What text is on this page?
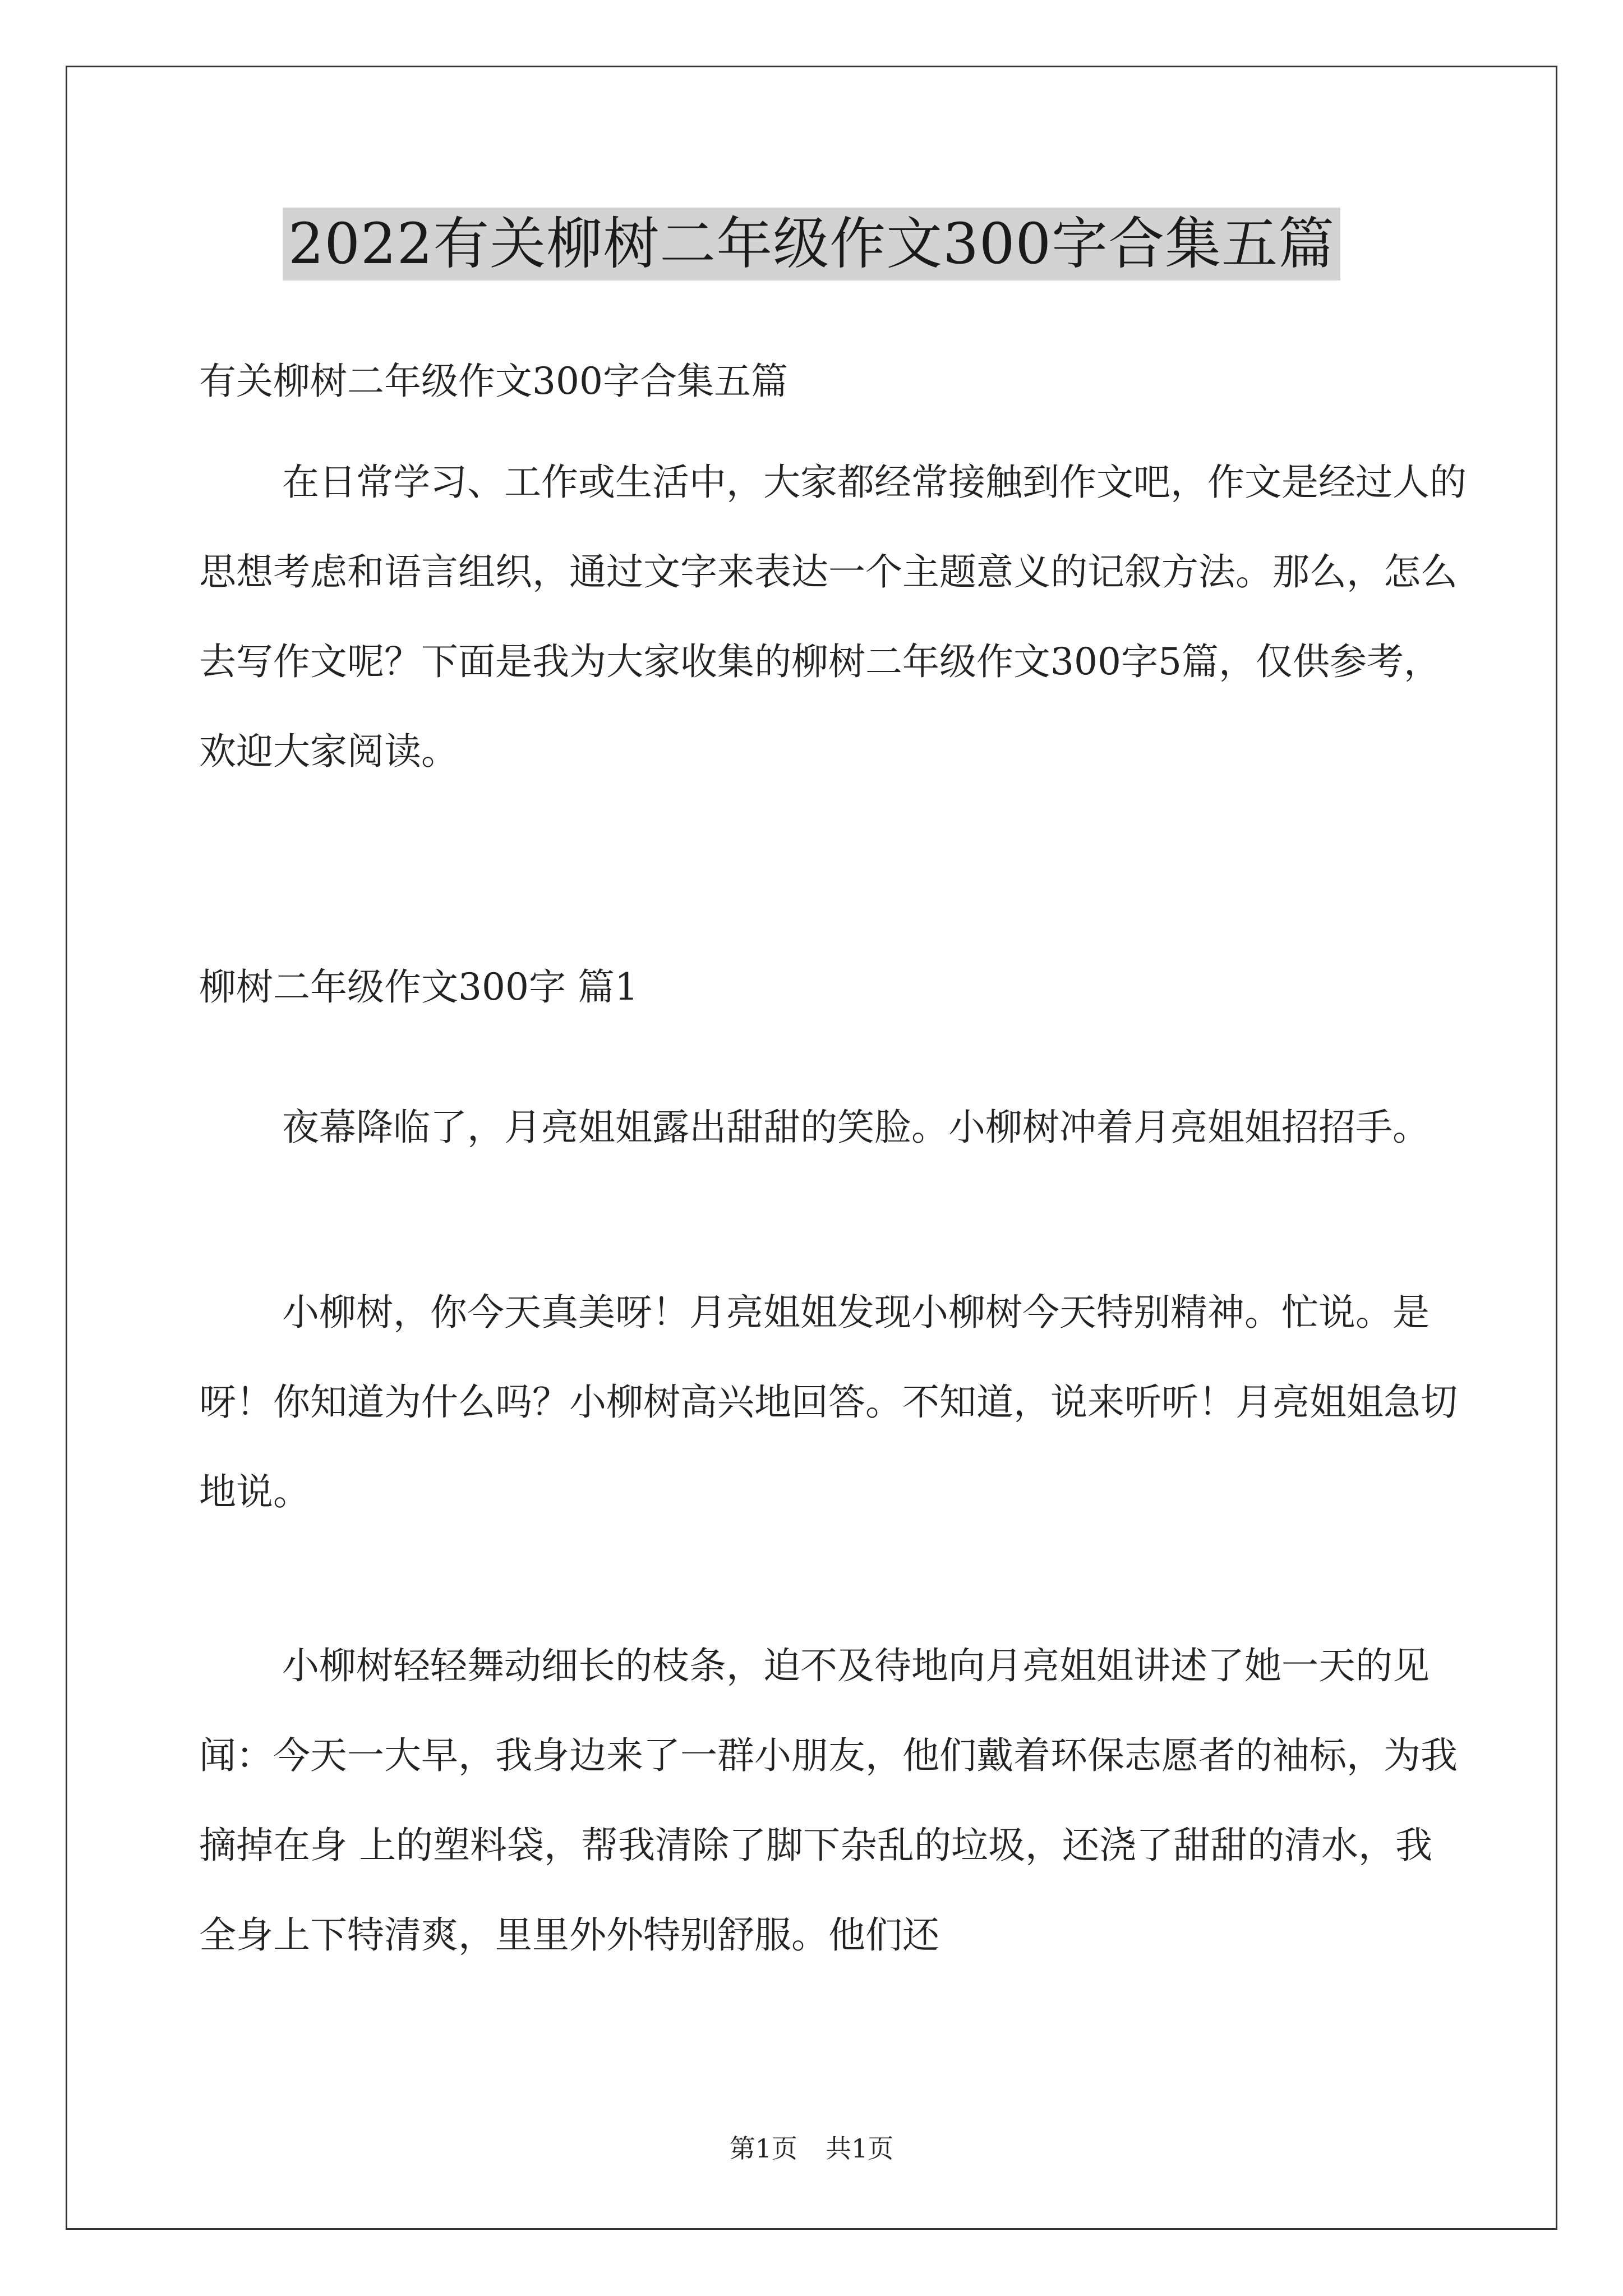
2022有关柳树二年级作文300字合集五篇

有关柳树二年级作文300字合集五篇

在日常学习、工作或生活中，大家都经常接触到作文吧，作文是经过人的思想考虑和语言组织，通过文字来表达一个主题意义的记叙方法。那么，怎么去写作文呢？下面是我为大家收集的柳树二年级作文300字5篇，仅供参考，欢迎大家阅读。

柳树二年级作文300字 篇1

夜幕降临了，月亮姐姐露出甜甜的笑脸。小柳树冲着月亮姐姐招招手。

小柳树，你今天真美呀！月亮姐姐发现小柳树今天特别精神。忙说。是呀！你知道为什么吗？小柳树高兴地回答。不知道，说来听听！月亮姐姐急切地说。

小柳树轻轻舞动细长的枝条，迫不及待地向月亮姐姐讲述了她一天的见闻：今天一大早，我身边来了一群小朋友，他们戴着环保志愿者的袖标，为我摘掉在身 上的塑料袋，帮我清除了脚下杂乱的垃圾，还浇了甜甜的清水，我全身上下特清爽，里里外外特别舒服。他们还

第1页 共1页
